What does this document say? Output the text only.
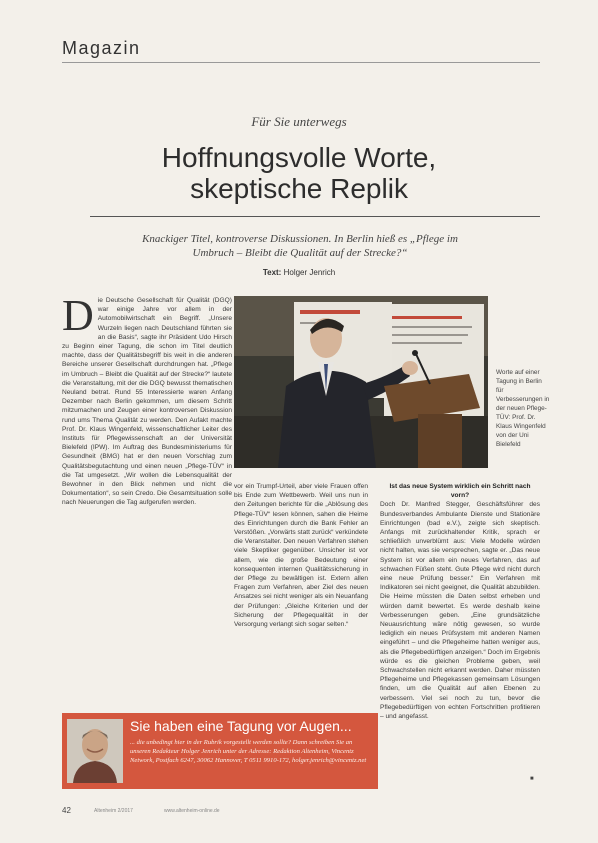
Magazin
Für Sie unterwegs
Hoffnungsvolle Worte,
skeptische Replik
Knackiger Titel, kontroverse Diskussionen. In Berlin hieß es „Pflege im Umbruch – Bleibt die Qualität auf der Strecke?“
Text: Holger Jenrich
D ie Deutsche Gesellschaft für Qualität (DGQ) war einige Jahre vor allem in der Automobilwirtschaft ein Begriff. „Unsere Wurzeln liegen nach Deutschland führten sie an die Basis“, sagte ihr Präsident Udo Hirsch zu Beginn einer Tagung, die schon im Titel deutlich machte, dass der Qualitätsbegriff bis weit in die anderen Bereiche unserer Gesellschaft durchdrungen hat. „Pflege im Umbruch – Bleibt die Qualität auf der Strecke?“ lautete die Veranstaltung, mit der die DGQ bewusst thematischen Neuland betrat. Rund 55 Interessierte waren Anfang Dezember nach Berlin gekommen, um diesem Schritt mitzumachen und Zeugen einer kontroversen Diskussion rund ums Thema Qualität zu werden. Den Aufakt machte Prof. Dr. Klaus Wingenfeld, wissenschaftlicher Leiter des Instituts für Pflegewissenschaft an der Universität Bielefeld (IPW). Im Auftrag des Bundesministeriums für Gesundheit (BMG) hat er den neuen Vorschlag zum Qualitätsbegutachtung und einen neuen „Pflege-TÜV“ in die Tat umgesetzt. „Wir wollen die Lebensqualität der Bewohner in den Blick nehmen und nicht die Dokumentation“, so sein Credo. Die Gesamtsituation solle nach Neuerungen die Tag aufgerufen werden.
Worte auf einer Tagung in Berlin für Verbesserungen in der neuen Pflege-TÜV: Prof. Dr. Klaus Wingenfeld von der Uni Bielefeld
vor ein Trumpf-Urteil, aber viele Frauen offen bis Ende zum Wettbewerb. Weil uns nun in den Zeitungen berichte für die „Ablösung des Pflege-TÜV“ lesen können, sahen die Heime des Einrichtungen durch die Bank Fehler an Verstößen. „Vorwärts statt zurück“ verkündete die Veranstalter. Den neuen Verfahren stehen viele Skeptiker gegenüber. Unsicher ist vor allem, wie die große Bedeutung einer konsequenten internen Qualitätssicherung in der Pflege zu bewältigen ist. Extern allen Fragen zum Verfahren, aber Ziel des neuen Ansatzes sei nicht weniger als ein Neuanfang der Prüfungen: „Gleiche Kriterien und der Sicherung der Pflegequalität in der Versorgung verlangt sich sogar selten.“
Ist das neue System wirklich ein Schritt nach vorn?
Doch Dr. Manfred Stegger, Geschäftsführer des Bundesverbandes Ambulante Dienste und Stationäre Einrichtungen (bad e.V.), zeigte sich skeptisch. Anfangs mit zurückhaltender Kritik, sprach er schließlich unverblümt aus: Viele Modelle würden nicht halten, was sie versprechen, sagte er. „Das neue System ist vor allem ein neues Verfahren, das auf schwachen Füßen steht. Gute Pflege wird nicht durch eine neue Prüfung besser.“ Ein Verfahren mit Indikatoren sei nicht geeignet, die Qualität abzubilden. Die Heime müssten die Daten selbst erheben und würden damit bewertet. Es werde deshalb keine Verbesserungen geben. „Eine grundsätzliche Neuausrichtung wäre nötig gewesen, so wurde lediglich ein neues Prüfsystem mit anderen Namen eingeführt – und die Pflegeheime hatten weniger aus, als die Pflegebedürftigen anzeigen.“ Doch im Ergebnis würde es die gleichen Probleme geben, weil Schwachstellen nicht erkannt werden. Daher müssten Pflegeheime und Pflegekassen gemeinsam Lösungen finden, um die Qualität auf allen Ebenen zu verbessern. Viel sei noch zu tun, bevor die Pflegebedürftigen von echten Fortschritten profitieren – und angefasst.
■
Sie haben eine Tagung vor Augen...
... die unbedingt hier in der Rubrik vorgestellt werden sollte? Dann schreiben Sie an unseren Redakteur Holger Jenrich unter der Adresse: Redaktion Altenheim, Vincentz Network, Postfach 6247, 30062 Hannover, T 0511 9910-172, holger.jenrich@vincentz.net
42	Altenheim 2/2017	www.altenheim-online.de
